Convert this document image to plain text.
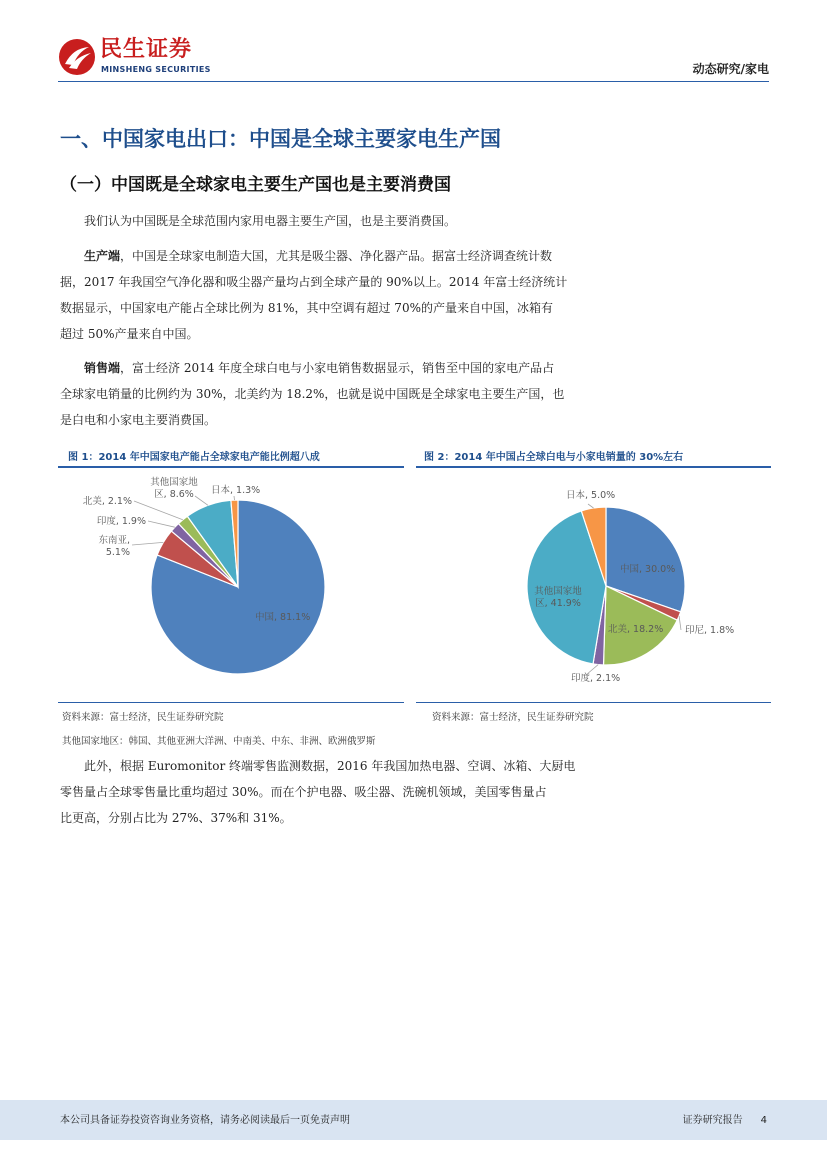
民生证券
MINSHENG SECURITIES	动态研究/家电
一、中国家电出口：中国是全球主要家电生产国
（一）中国既是全球家电主要生产国也是主要消费国
我们认为中国既是全球范围内家用电器主要生产国，也是主要消费国。
生产端，中国是全球家电制造大国，尤其是吸尘器、净化器产品。据富士经济调查统计数
据，2017 年我国空气净化器和吸尘器产量均占到全球产量的 90%以上。2014 年富士经济统计
数据显示，中国家电产能占全球比例为 81%，其中空调有超过 70%的产量来自中国，冰箱有
超过 50%产量来自中国。
销售端，富士经济 2014 年度全球白电与小家电销售数据显示，销售至中国的家电产品占
全球家电销量的比例约为 30%，北美约为 18.2%，也就是说中国既是全球家电主要生产国，也
是白电和小家电主要消费国。
图 1：2014 年中国家电产能占全球家电产能比例超八成
中国, 81.1%
东南亚, 5.1%
印度, 1.9%
北美, 2.1%
其他国家地区, 8.6%	日本, 1.3%
资料来源：富士经济，民生证券研究院
其他国家地区：韩国、其他亚洲大洋洲、中南美、中东、非洲、欧洲俄罗斯
图 2：2014 年中国占全球白电与小家电销量的 30%左右
中国, 30.0%
印尼, 1.8%
北美, 18.2%
印度, 2.1%
其他国家地区, 41.9%
日本, 5.0%
资料来源：富士经济，民生证券研究院
此外，根据 Euromonitor 终端零售监测数据，2016 年我国加热电器、空调、冰箱、大厨电
零售量占全球零售量比重均超过 30%。而在个护电器、吸尘器、洗碗机领域，美国零售量占
比更高，分别占比为 27%、37%和 31%。
本公司具备证券投资咨询业务资格，请务必阅读最后一页免责声明	证券研究报告 4
